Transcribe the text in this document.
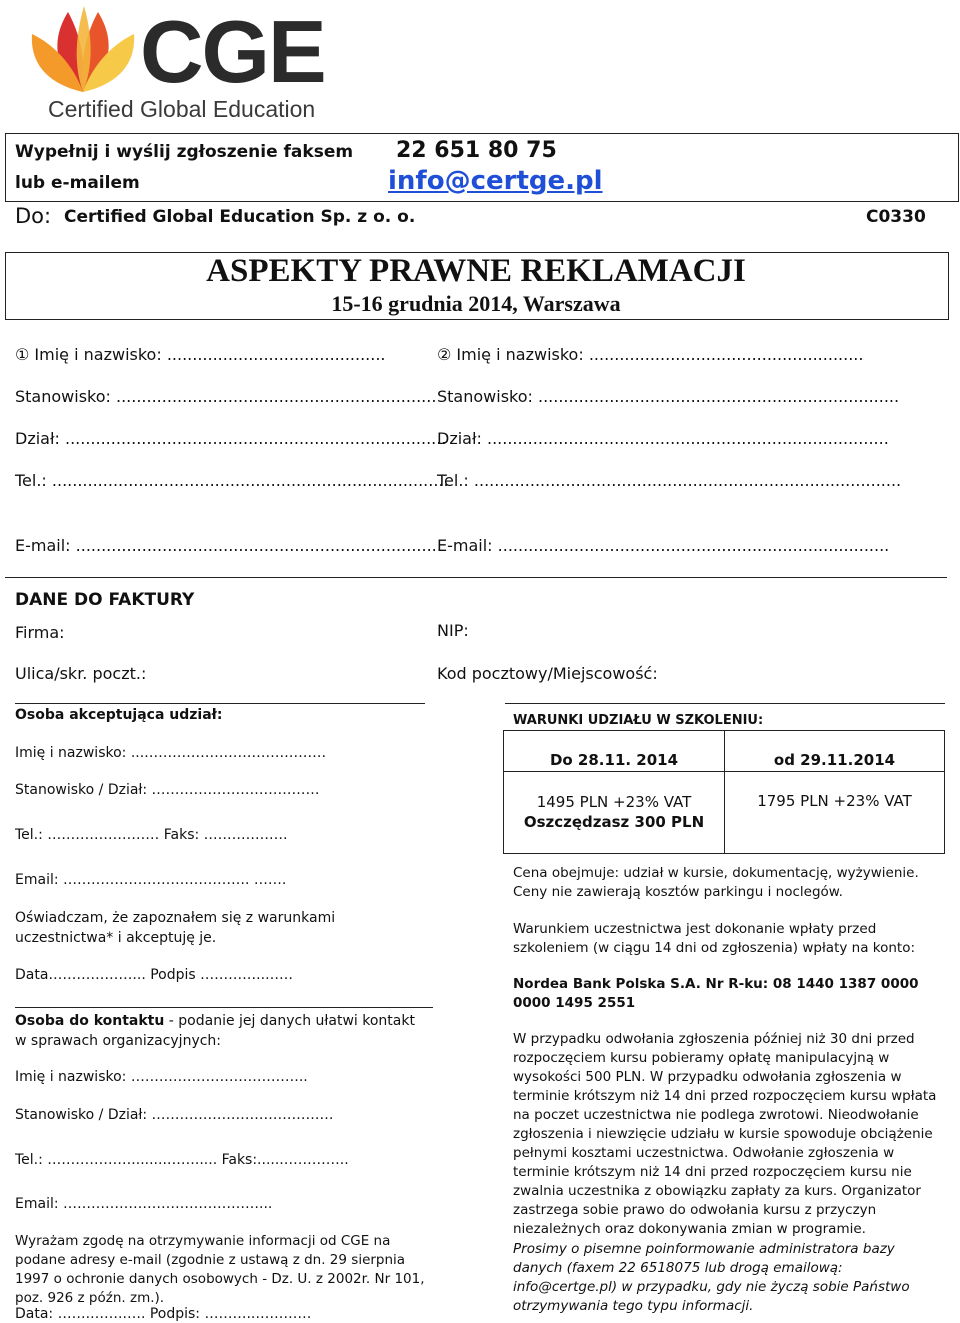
CGE
Certified Global Education
Wypełnij i wyślij zgłoszenie faksem 22 651 80 75
lub e-mailem	info@certge.pl
Do: Certified Global Education Sp. z o. o.	C0330
ASPEKTY PRAWNE REKLAMACJI
15-16 grudnia 2014, Warszawa
① Imię i nazwisko: ...........................................
Stanowisko: ...............................................................
Dział: ...........................................................................
Tel.: ..............................................................................
E-mail: ........................................................................
② Imię i nazwisko: ......................................................
Stanowisko: .......................................................................
Dział: ...............................................................................
Tel.: ....................................................................................
E-mail: .............................................................................
DANE DO FAKTURY
Firma:	NIP:
Ulica/skr. poczt.:	Kod pocztowy/Miejscowość:
Osoba akceptująca udział:
Imię i nazwisko: ...…………………………………
Stanowisko / Dział: ………………………………
Tel.: …………………… Faks: ………………
Email: …………………………………. …….
Oświadczam, że zapoznałem się z warunkami uczestnictwa* i akceptuję je.
Data………………... Podpis …………..……
Osoba do kontaktu - podanie jej danych ułatwi kontakt w sprawach organizacyjnych:
Imię i nazwisko: ………………………………..
Stanowisko / Dział: …………………………………
Tel.: ………………........……..... Faks:......…………..
Email: ……………………………………...
Wyrażam zgodę na otrzymywanie informacji od CGE na podane adresy e-mail (zgodnie z ustawą z dn. 29 sierpnia 1997 o ochronie danych osobowych - Dz. U. z 2002r. Nr 101, poz. 926 z późn. zm.).
Data: …….……..…. Podpis: ………..…………
WARUNKI UDZIAŁU W SZKOLENIU:
Do 28.11. 2014	od 29.11.2014

1495 PLN +23% VAT
Oszczędzasz 300 PLN	1795 PLN +23% VAT
Cena obejmuje: udział w kursie, dokumentację, wyżywienie. Ceny nie zawierają kosztów parkingu i noclegów.
Warunkiem uczestnictwa jest dokonanie wpłaty przed szkoleniem (w ciągu 14 dni od zgłoszenia) wpłaty na konto:
Nordea Bank Polska S.A. Nr R-ku: 08 1440 1387 0000 0000 1495 2551
W przypadku odwołania zgłoszenia później niż 30 dni przed rozpoczęciem kursu pobieramy opłatę manipulacyjną w wysokości 500 PLN. W przypadku odwołania zgłoszenia w terminie krótszym niż 14 dni przed rozpoczęciem kursu wpłata na poczet uczestnictwa nie podlega zwrotowi. Nieodwołanie zgłoszenia i niewzięcie udziału w kursie spowoduje obciążenie pełnymi kosztami uczestnictwa. Odwołanie zgłoszenia w terminie krótszym niż 14 dni przed rozpoczęciem kursu nie zwalnia uczestnika z obowiązku zapłaty za kurs. Organizator zastrzega sobie prawo do odwołania kursu z przyczyn niezależnych oraz dokonywania zmian w programie.
Prosimy o pisemne poinformowanie administratora bazy danych (faxem 22 6518075 lub drogą emailową: info@certge.pl) w przypadku, gdy nie życzą sobie Państwo otrzymywania tego typu informacji.
